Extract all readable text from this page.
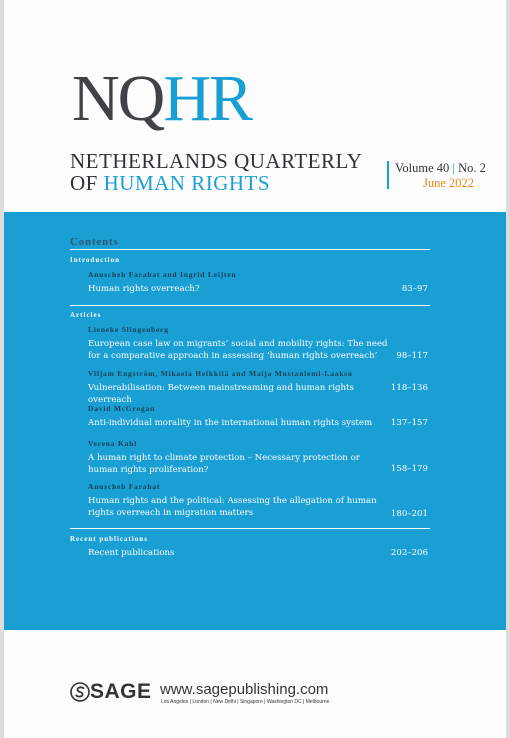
NQHR
NETHERLANDS QUARTERLY
OF HUMAN RIGHTS
Volume 40 | No. 2
June 2022
Contents
Introduction
Anuscheh Farahat and Ingrid Leijten
Human rights overreach?	83–97
Articles
Lieneke Slingenberg
European case law on migrants’ social and mobility rights: The need for a comparative approach in assessing ‘human rights overreach’	98–117
Viljam Engström, Mikaela Heikkilä and Maija Mustaniemi-Laakso
Vulnerabilisation: Between mainstreaming and human rights overreach
118–136
David McGrogan
Anti-individual morality in the international human rights system	137–157
Verena Kahl
A human right to climate protection – Necessary protection or human rights proliferation?	158–179
Anuscheh Farahat
Human rights and the political: Assessing the allegation of human rights overreach in migration matters	180–201
Recent publications
Recent publications	202–206
SAGE www.sagepublishing.com
Los Angeles | London | New Delhi | Singapore | Washington DC | Melbourne
